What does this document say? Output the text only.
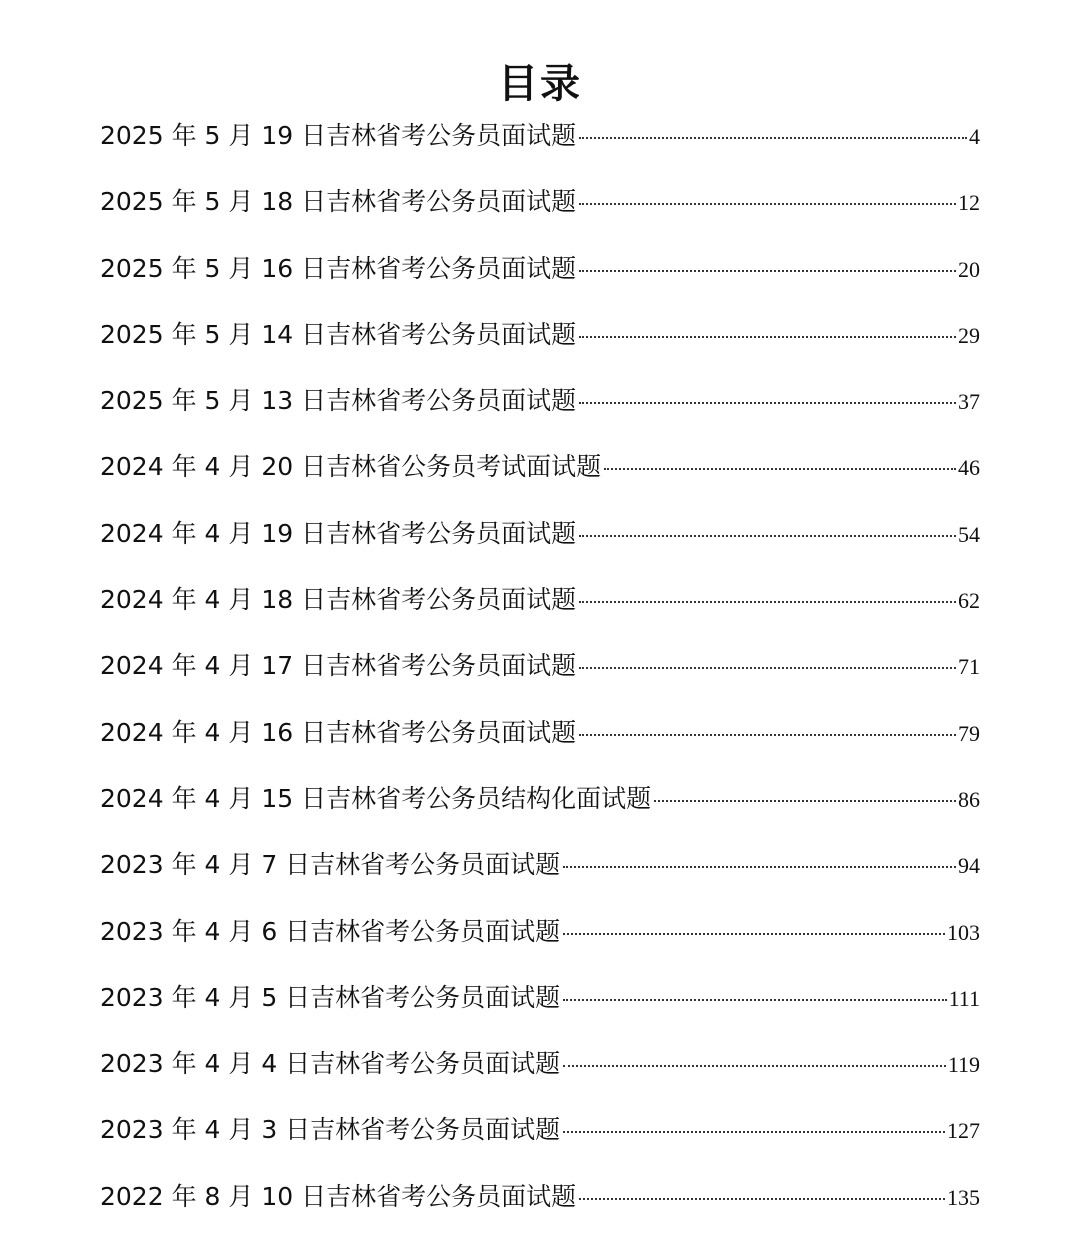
目录
2025 年 5 月 19 日吉林省考公务员面试题	4
2025 年 5 月 18 日吉林省考公务员面试题	12
2025 年 5 月 16 日吉林省考公务员面试题	20
2025 年 5 月 14 日吉林省考公务员面试题	29
2025 年 5 月 13 日吉林省考公务员面试题	37
2024 年 4 月 20 日吉林省公务员考试面试题	46
2024 年 4 月 19 日吉林省考公务员面试题	54
2024 年 4 月 18 日吉林省考公务员面试题	62
2024 年 4 月 17 日吉林省考公务员面试题	71
2024 年 4 月 16 日吉林省考公务员面试题	79
2024 年 4 月 15 日吉林省考公务员结构化面试题	86
2023 年 4 月 7 日吉林省考公务员面试题	94
2023 年 4 月 6 日吉林省考公务员面试题	103
2023 年 4 月 5 日吉林省考公务员面试题	111
2023 年 4 月 4 日吉林省考公务员面试题	119
2023 年 4 月 3 日吉林省考公务员面试题	127
2022 年 8 月 10 日吉林省考公务员面试题	135
